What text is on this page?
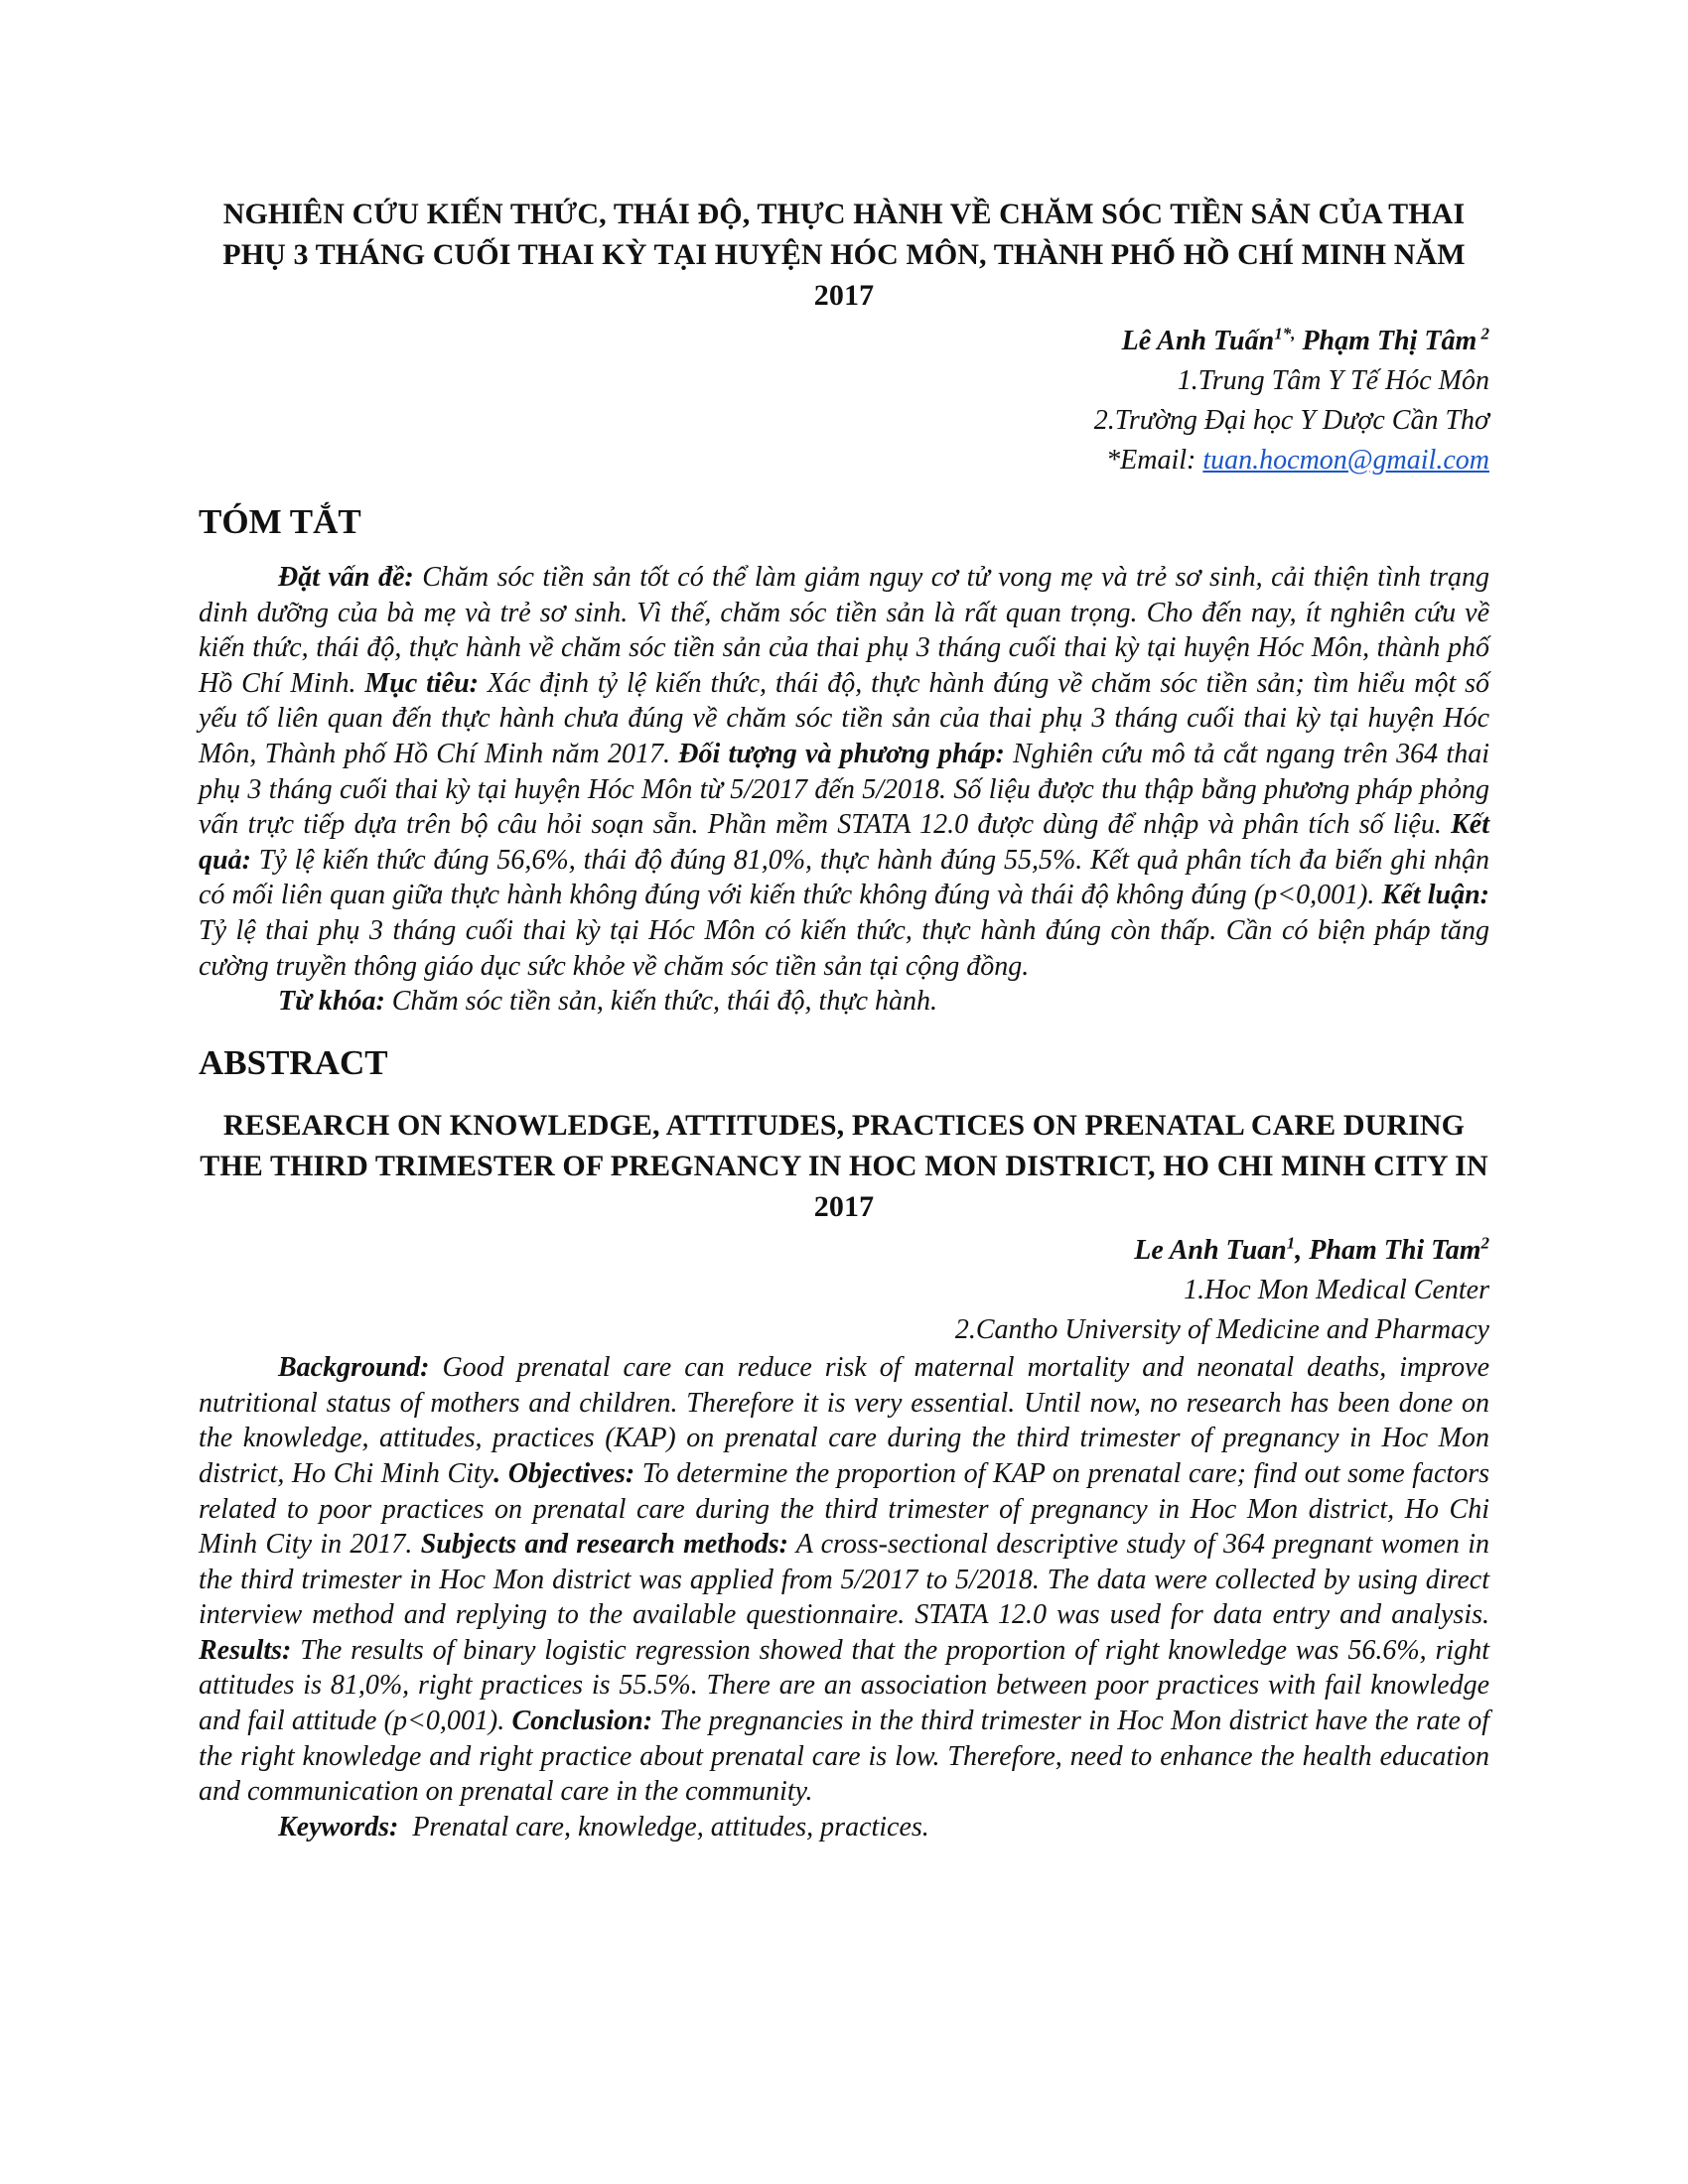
NGHIÊN CỨU KIẾN THỨC, THÁI ĐỘ, THỰC HÀNH VỀ CHĂM SÓC TIỀN SẢN CỦA THAI PHỤ 3 THÁNG CUỐI THAI KỲ TẠI HUYỆN HÓC MÔN, THÀNH PHỐ HỒ CHÍ MINH NĂM 2017

Lê Anh Tuấn$^{1*,}$ Phạm Thị Tâm $^2$

1.Trung Tâm Y Tế Hóc Môn

2.Trường Đại học Y Dược Cần Thơ

*Email: tuan.hocmon@gmail.com

TÓM TẮT

Đặt vấn đề: Chăm sóc tiền sản tốt có thể làm giảm nguy cơ tử vong mẹ và trẻ sơ sinh, cải thiện tình trạng dinh dưỡng của bà mẹ và trẻ sơ sinh. Vì thế, chăm sóc tiền sản là rất quan trọng. Cho đến nay, ít nghiên cứu về kiến thức, thái độ, thực hành về chăm sóc tiền sản của thai phụ 3 tháng cuối thai kỳ tại huyện Hóc Môn, thành phố Hồ Chí Minh. Mục tiêu: Xác định tỷ lệ kiến thức, thái độ, thực hành đúng về chăm sóc tiền sản; tìm hiểu một số yếu tố liên quan đến thực hành chưa đúng về chăm sóc tiền sản của thai phụ 3 tháng cuối thai kỳ tại huyện Hóc Môn, Thành phố Hồ Chí Minh năm 2017. Đối tượng và phương pháp: Nghiên cứu mô tả cắt ngang trên 364 thai phụ 3 tháng cuối thai kỳ tại huyện Hóc Môn từ 5/2017 đến 5/2018. Số liệu được thu thập bằng phương pháp phỏng vấn trực tiếp dựa trên bộ câu hỏi soạn sẵn. Phần mềm STATA 12.0 được dùng để nhập và phân tích số liệu. Kết quả: Tỷ lệ kiến thức đúng 56,6%, thái độ đúng 81,0%, thực hành đúng 55,5%. Kết quả phân tích đa biến ghi nhận có mối liên quan giữa thực hành không đúng với kiến thức không đúng và thái độ không đúng (p<0,001). Kết luận: Tỷ lệ thai phụ 3 tháng cuối thai kỳ tại Hóc Môn có kiến thức, thực hành đúng còn thấp. Cần có biện pháp tăng cường truyền thông giáo dục sức khỏe về chăm sóc tiền sản tại cộng đồng.

Từ khóa: Chăm sóc tiền sản, kiến thức, thái độ, thực hành.

ABSTRACT
RESEARCH ON KNOWLEDGE, ATTITUDES, PRACTICES ON PRENATAL CARE DURING THE THIRD TRIMESTER OF PREGNANCY IN HOC MON DISTRICT, HO CHI MINH CITY IN 2017

Le Anh Tuan$^1$, Pham Thi Tam$^2$

1.Hoc Mon Medical Center

2.Cantho University of Medicine and Pharmacy

Background: Good prenatal care can reduce risk of maternal mortality and neonatal deaths, improve nutritional status of mothers and children. Therefore it is very essential. Until now, no research has been done on the knowledge, attitudes, practices (KAP) on prenatal care during the third trimester of pregnancy in Hoc Mon district, Ho Chi Minh City. Objectives: To determine the proportion of KAP on prenatal care; find out some factors related to poor practices on prenatal care during the third trimester of pregnancy in Hoc Mon district, Ho Chi Minh City in 2017. Subjects and research methods: A cross-sectional descriptive study of 364 pregnant women in the third trimester in Hoc Mon district was applied from 5/2017 to 5/2018. The data were collected by using direct interview method and replying to the available questionnaire. STATA 12.0 was used for data entry and analysis. Results: The results of binary logistic regression showed that the proportion of right knowledge was 56.6%, right attitudes is 81,0%, right practices is 55.5%. There are an association between poor practices with fail knowledge and fail attitude (p<0,001). Conclusion: The pregnancies in the third trimester in Hoc Mon district have the rate of the right knowledge and right practice about prenatal care is low. Therefore, need to enhance the health education and communication on prenatal care in the community.

Keywords:  Prenatal care, knowledge, attitudes, practices.
